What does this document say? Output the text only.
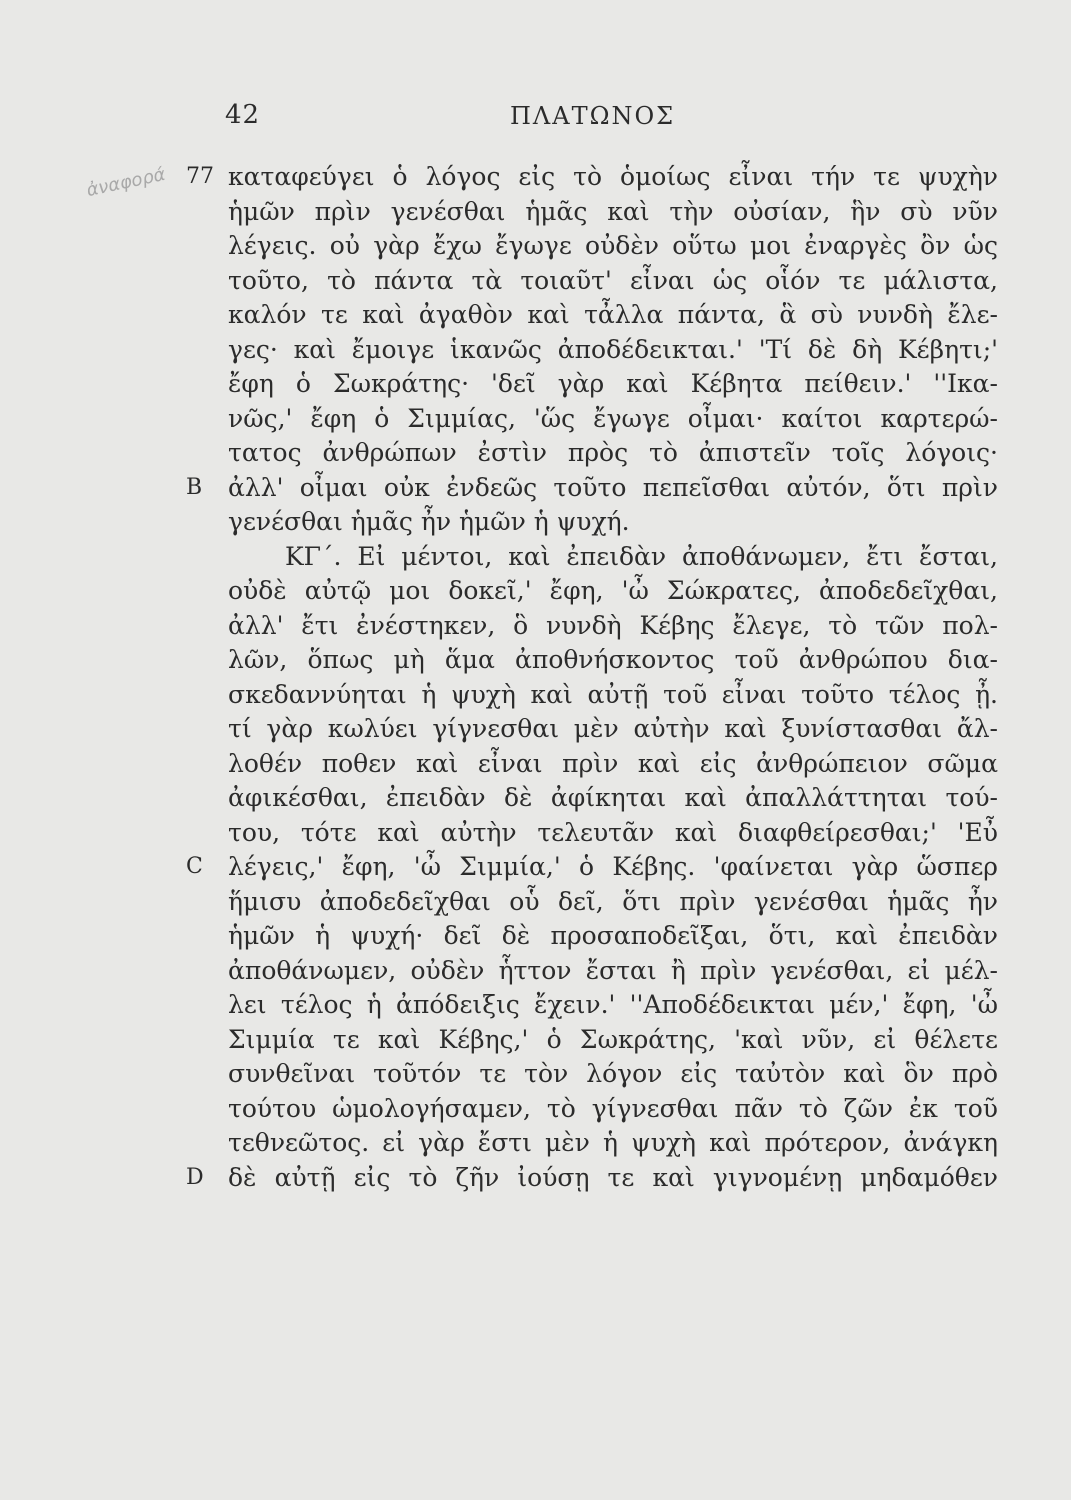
42	ΠΛΑΤΩΝΟΣ
ἀναφορά 77 καταφεύγει ὁ λόγος εἰς τὸ ὁμοίως εἶναι τήν τε ψυχὴν
ἡμῶν πρὶν γενέσθαι ἡμᾶς καὶ τὴν οὐσίαν, ἣν σὺ νῦν
λέγεις. οὐ γὰρ ἔχω ἔγωγε οὐδὲν οὕτω μοι ἐναργὲς ὂν ὡς
τοῦτο, τὸ πάντα τὰ τοιαῦτ' εἶναι ὡς οἷόν τε μάλιστα,
καλόν τε καὶ ἀγαθὸν καὶ τἆλλα πάντα, ἃ σὺ νυνδὴ ἔλε-
γες· καὶ ἔμοιγε ἱκανῶς ἀποδέδεικται.' 'Τί δὲ δὴ Κέβητι;'
ἔφη ὁ Σωκράτης· 'δεῖ γὰρ καὶ Κέβητα πείθειν.' ''Ικα-
νῶς,' ἔφη ὁ Σιμμίας, 'ὥς ἔγωγε οἶμαι· καίτοι καρτερώ-
τατος ἀνθρώπων ἐστὶν πρὸς τὸ ἀπιστεῖν τοῖς λόγοις·
B	ἀλλ' οἶμαι οὐκ ἐνδεῶς τοῦτο πεπεῖσθαι αὐτόν, ὅτι πρὶν
γενέσθαι ἡμᾶς ἦν ἡμῶν ἡ ψυχή.
ΚΓ΄. Εἰ μέντοι, καὶ ἐπειδὰν ἀποθάνωμεν, ἔτι ἔσται,
οὐδὲ αὐτῷ μοι δοκεῖ,' ἔφη, 'ὦ Σώκρατες, ἀποδεδεῖχθαι,
ἀλλ' ἔτι ἐνέστηκεν, ὃ νυνδὴ Κέβης ἔλεγε, τὸ τῶν πολ-
λῶν, ὅπως μὴ ἅμα ἀποθνήσκοντος τοῦ ἀνθρώπου δια-
σκεδαννύηται ἡ ψυχὴ καὶ αὐτῇ τοῦ εἶναι τοῦτο τέλος ᾖ.
τί γὰρ κωλύει γίγνεσθαι μὲν αὐτὴν καὶ ξυνίστασθαι ἄλ-
λοθέν ποθεν καὶ εἶναι πρὶν καὶ εἰς ἀνθρώπειον σῶμα
ἀφικέσθαι, ἐπειδὰν δὲ ἀφίκηται καὶ ἀπαλλάττηται τού-
του, τότε καὶ αὐτὴν τελευτᾶν καὶ διαφθείρεσθαι;' 'Εὖ
C	λέγεις,' ἔφη, 'ὦ Σιμμία,' ὁ Κέβης. 'φαίνεται γὰρ ὥσπερ
ἥμισυ ἀποδεδεῖχθαι οὗ δεῖ, ὅτι πρὶν γενέσθαι ἡμᾶς ἦν
ἡμῶν ἡ ψυχή· δεῖ δὲ προσαποδεῖξαι, ὅτι, καὶ ἐπειδὰν
ἀποθάνωμεν, οὐδὲν ἧττον ἔσται ἢ πρὶν γενέσθαι, εἰ μέλ-
λει τέλος ἡ ἀπόδειξις ἔχειν.' ''Αποδέδεικται μέν,' ἔφη, 'ὦ
Σιμμία τε καὶ Κέβης,' ὁ Σωκράτης, 'καὶ νῦν, εἰ θέλετε
συνθεῖναι τοῦτόν τε τὸν λόγον εἰς ταὐτὸν καὶ ὃν πρὸ
τούτου ὡμολογήσαμεν, τὸ γίγνεσθαι πᾶν τὸ ζῶν ἐκ τοῦ
τεθνεῶτος. εἰ γὰρ ἔστι μὲν ἡ ψυχὴ καὶ πρότερον, ἀνάγκη
D δὲ αὐτῇ εἰς τὸ ζῆν ἰούσῃ τε καὶ γιγνομένῃ μηδαμόθεν
